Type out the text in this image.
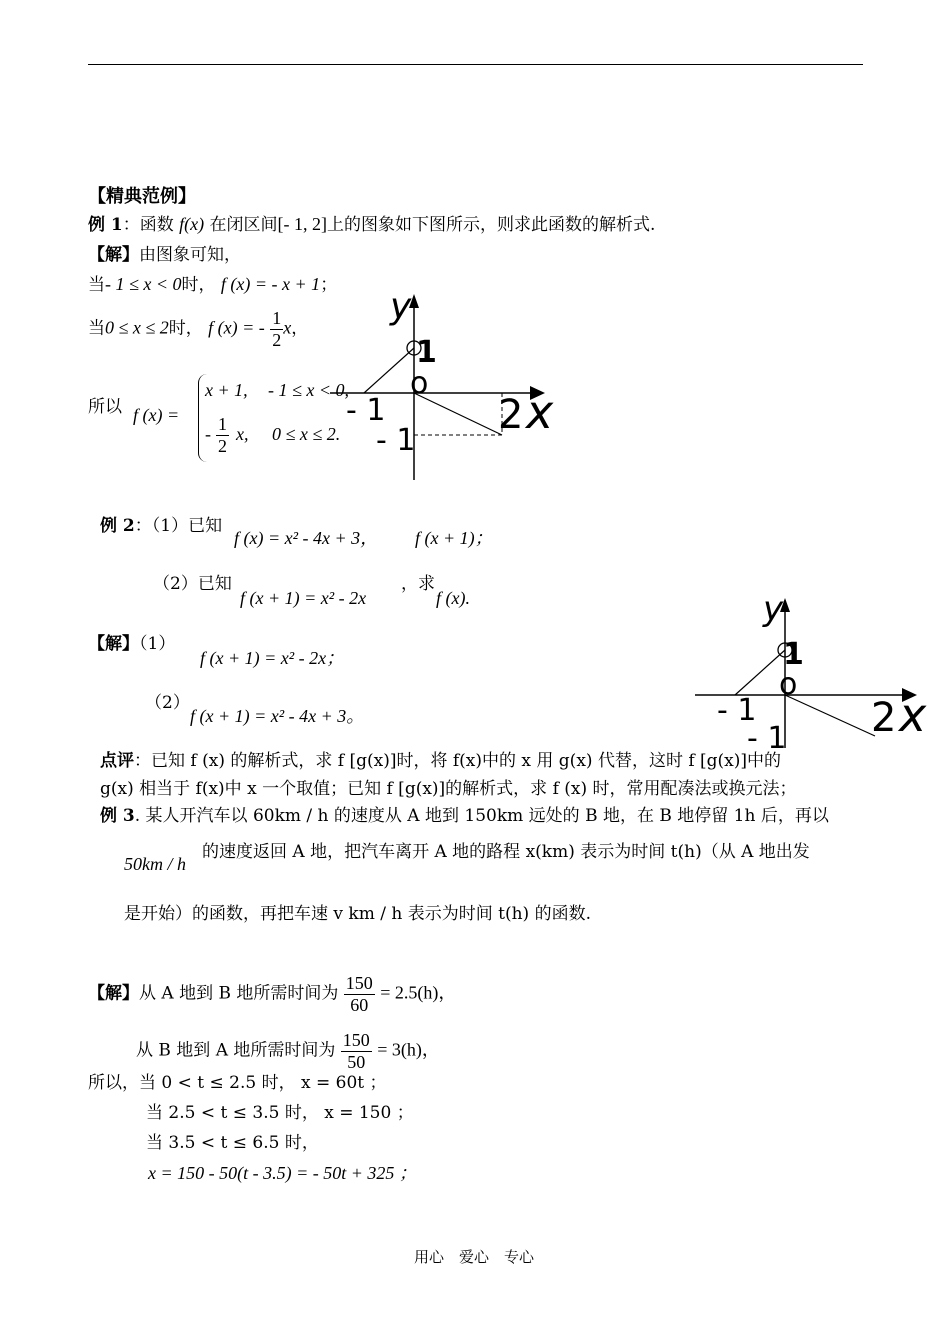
【精典范例】
例 1：函数 f(x) 在闭区间[- 1, 2]上的图象如下图所示，则求此函数的解析式.
【解】由图象可知，
当- 1 ≤ x < 0时， f (x) = - x + 1；
当0 ≤ x ≤ 2时， f (x) = - $\frac{1}{2}$ x，
所以 f (x) =
x + 1, - 1 ≤ x < 0,
- $\frac{1}{2} x$, 0 ≤ x ≤ 2.
y
1
o
- 1
- 1
2 x
例 2：（1）已知
f (x) = x² - 4x + 3， f (x + 1)；
（2）已知
f (x + 1) = x² - 2x
，求
f (x).
【解】（1）
f (x + 1) = x² - 2x；
（2）
f (x + 1) = x² - 4x + 3。
y
1
o
- 1
- 1 2 x
点评：已知 f (x) 的解析式，求 f [g(x)]时，将 f(x)中的 x 用 g(x) 代替，这时 f [g(x)]中的
g(x) 相当于 f(x)中 x 一个取值；已知 f [g(x)]的解析式，求 f (x) 时，常用配凑法或换元法；
例 3. 某人开汽车以 60km / h 的速度从 A 地到 150km 远处的 B 地，在 B 地停留 1h 后，再以
50km / h
的速度返回 A 地，把汽车离开 A 地的路程 x(km) 表示为时间 t(h)（从 A 地出发
是开始）的函数，再把车速 v km / h 表示为时间 t(h) 的函数.
【解】从 A 地到 B 地所需时间为 $\frac{150}{60} = 2.5(h)$，
从 B 地到 A 地所需时间为 $\frac{150}{50} = 3(h)$，
所以，当 0 < t ≤ 2.5 时， x = 60t ；
当 2.5 < t ≤ 3.5 时， x = 150 ；
当 3.5 < t ≤ 6.5 时，
x = 150 - 50(t - 3.5) = - 50t + 325 ；
用心　爱心　专心
